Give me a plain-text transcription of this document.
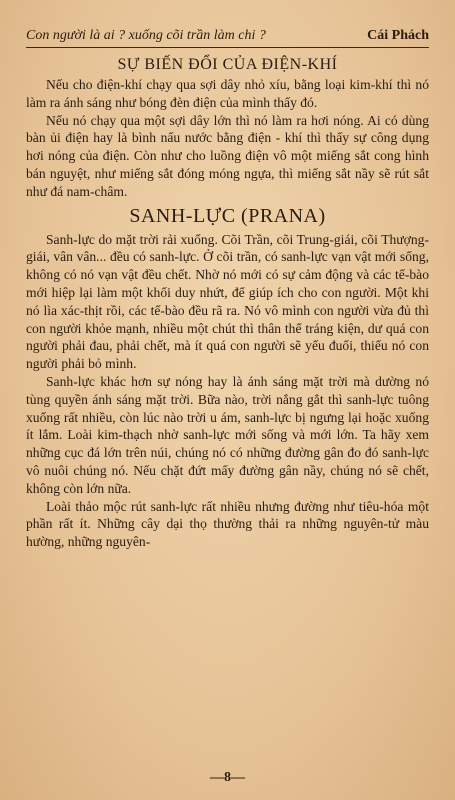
Con người là ai ? xuống cõi trần làm chi ?	Cái Phách
SỰ BIẾN ĐỔI CỦA ĐIỆN-KHÍ

Nếu cho điện-khí chạy qua sợi dây nhỏ xíu, bằng loại kim-khí thì nó làm ra ánh sáng như bóng đèn điện của mình thấy đó.

Nếu nó chạy qua một sợi dây lớn thì nó làm ra hơi nóng. Ai có dùng bàn ủi điện hay là bình nấu nước bằng điện - khí thì thấy sự công dụng hơi nóng của điện. Còn như cho luồng điện vô một miếng sắt cong hình bán nguyệt, như miếng sắt đóng móng ngựa, thì miếng sắt nầy sẽ rút sắt như đá nam-châm.

SANH-LỰC (PRANA)

Sanh-lực do mặt trời rải xuống. Cõi Trần, cõi Trung-giái, cõi Thượng-giái, vân vân... đều có sanh-lực. Ở cõi trần, có sanh-lực vạn vật mới sống, không có nó vạn vật đều chết. Nhờ nó mới có sự cảm động và các tế-bào mới hiệp lại làm một khối duy nhứt, để giúp ích cho con người. Một khi nó lìa xác-thịt rồi, các tế-bào đều rã ra. Nó vô mình con người vừa đủ thì con người khỏe mạnh, nhiều một chút thì thân thể tráng kiện, dư quá con người phải đau, phải chết, mà ít quá con người sẽ yếu đuối, thiếu nó con người phải bỏ mình.

Sanh-lực khác hơn sự nóng hay là ánh sáng mặt trời mà dường nó tùng quyền ánh sáng mặt trời. Bữa nào, trời nắng gắt thì sanh-lực tuông xuống rất nhiều, còn lúc nào trời u ám, sanh-lực bị ngưng lại hoặc xuống ít lắm. Loài kim-thạch nhờ sanh-lực mới sống và mới lớn. Ta hãy xem những cục đá lớn trên núi, chúng nó có những đường gân đo đó sanh-lực vô nuôi chúng nó. Nếu chặt đứt mấy đường gân nầy, chúng nó sẽ chết, không còn lớn nữa.

Loài thảo mộc rút sanh-lực rất nhiều nhưng đường như tiêu-hóa một phần rất ít. Những cây dại thọ thường thải ra những nguyên-tử màu hường, những nguyên-

—8—
